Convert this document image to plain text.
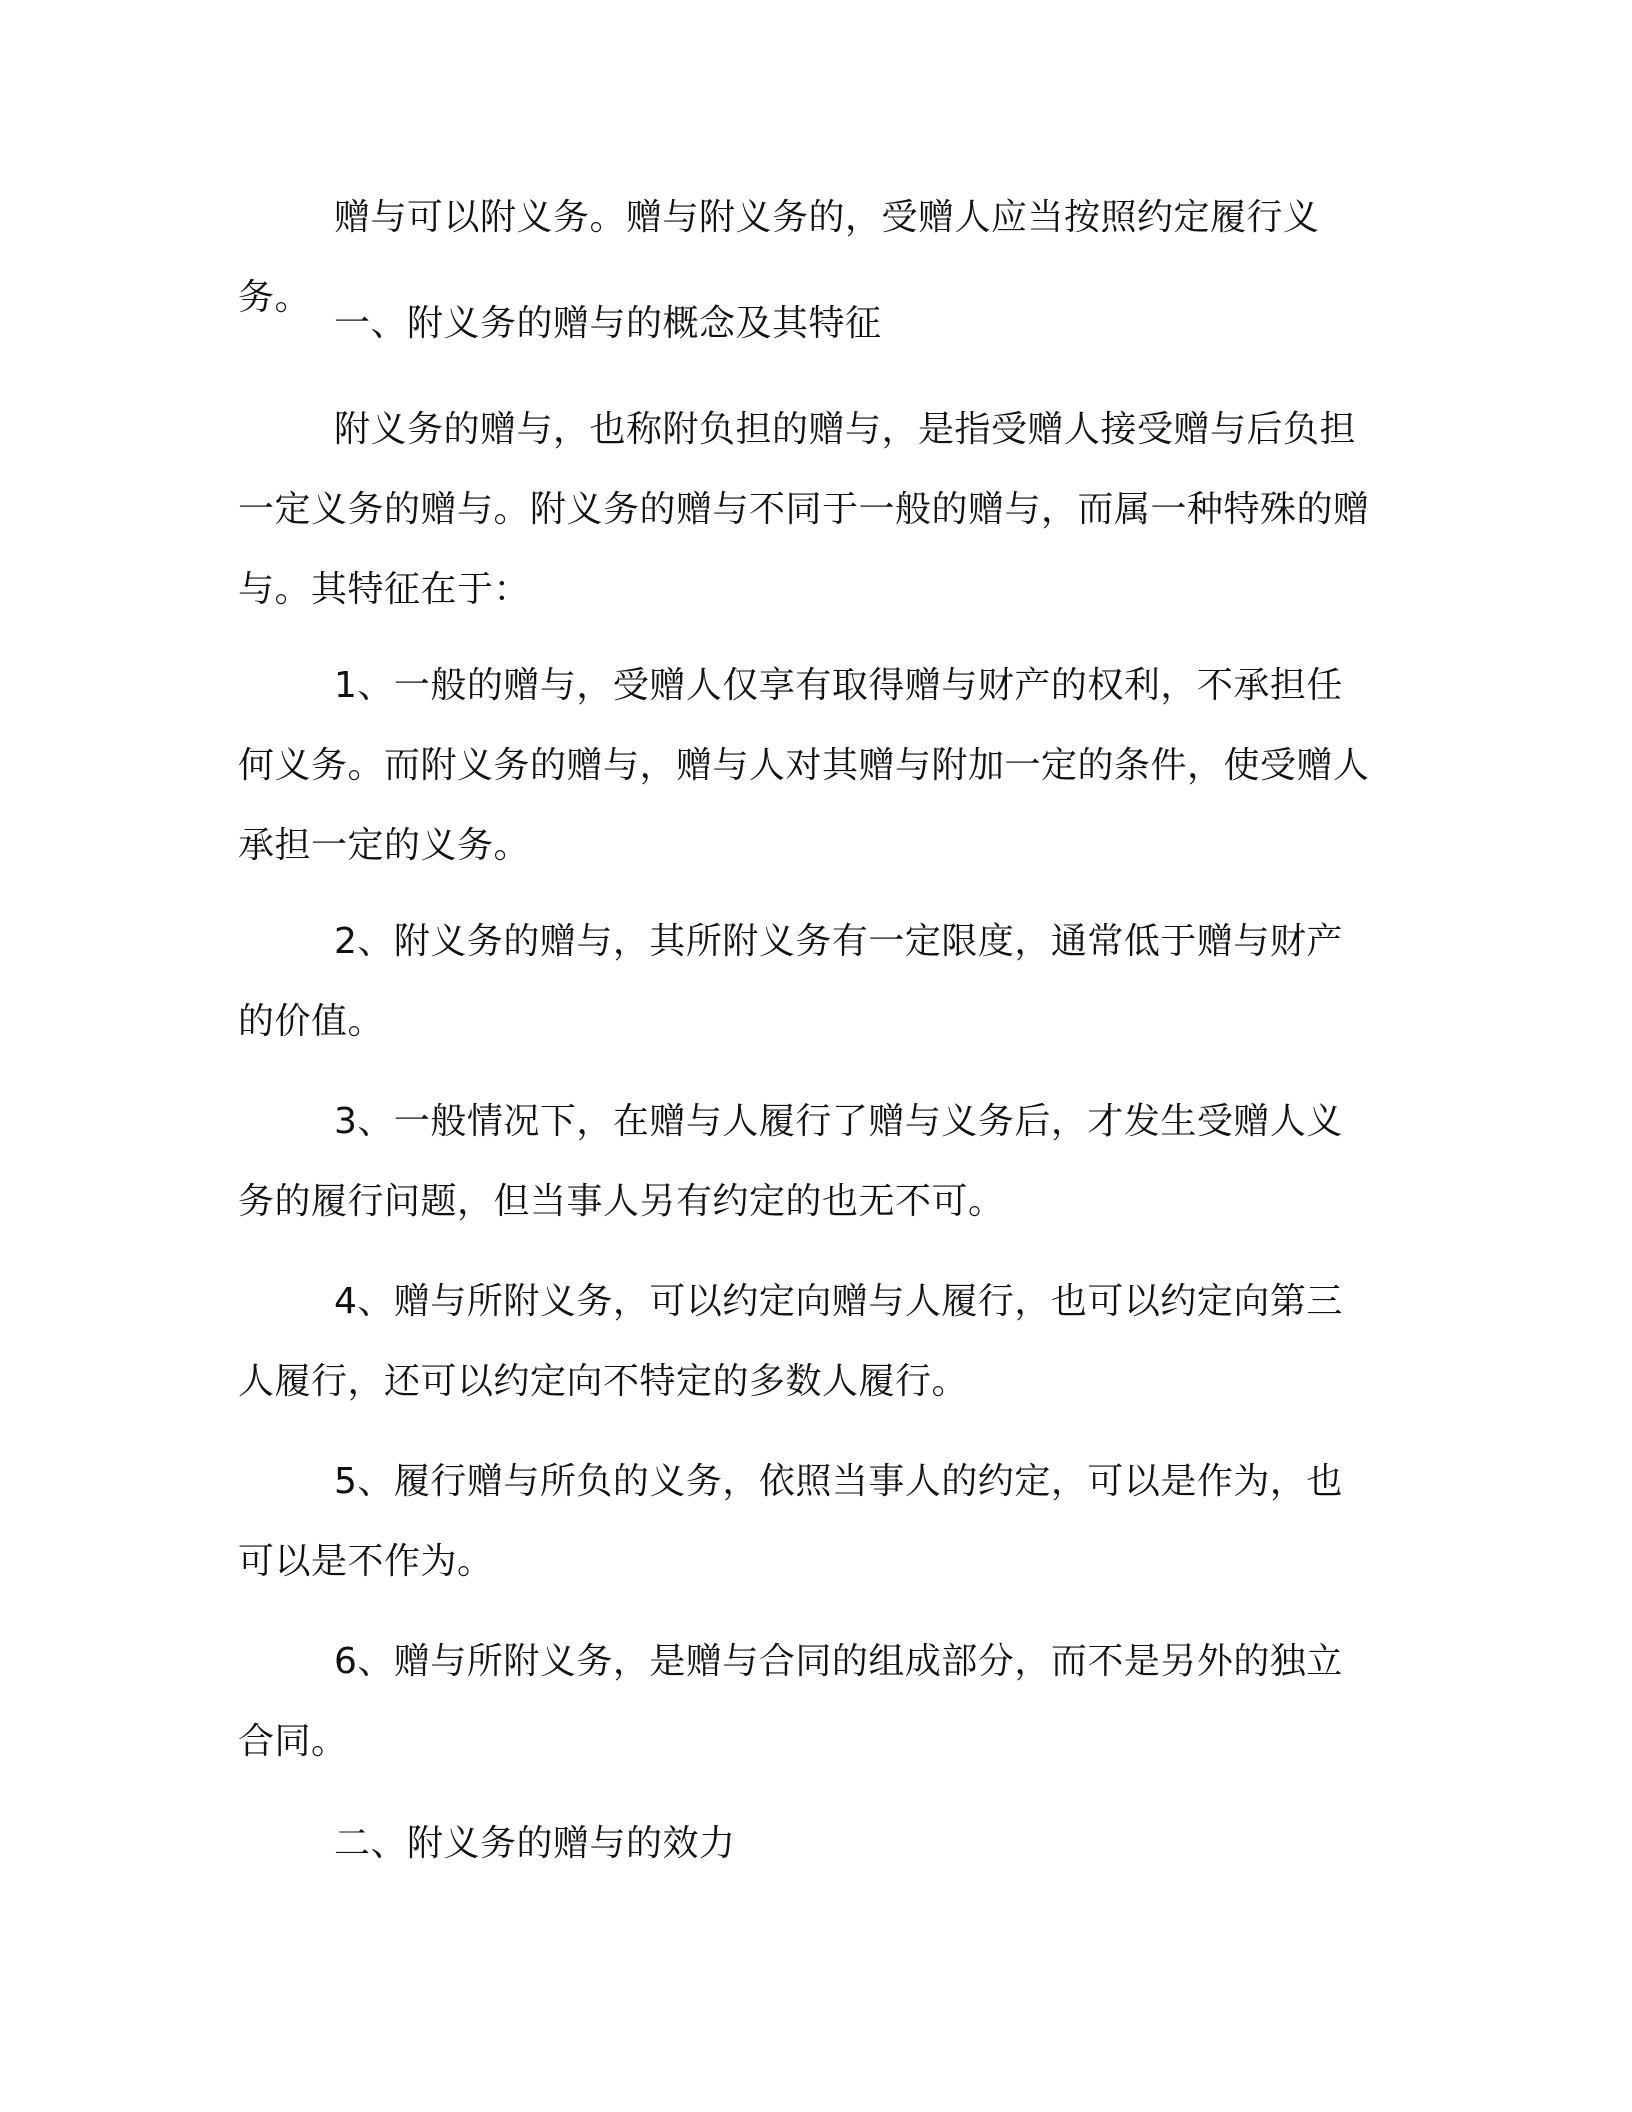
赠与可以附义务。赠与附义务的，受赠人应当按照约定履行义务。

一、附义务的赠与的概念及其特征

附义务的赠与，也称附负担的赠与，是指受赠人接受赠与后负担一定义务的赠与。附义务的赠与不同于一般的赠与，而属一种特殊的赠与。其特征在于：

1、一般的赠与，受赠人仅享有取得赠与财产的权利，不承担任何义务。而附义务的赠与，赠与人对其赠与附加一定的条件，使受赠人承担一定的义务。

2、附义务的赠与，其所附义务有一定限度，通常低于赠与财产的价值。

3、一般情况下，在赠与人履行了赠与义务后，才发生受赠人义务的履行问题，但当事人另有约定的也无不可。

4、赠与所附义务，可以约定向赠与人履行，也可以约定向第三人履行，还可以约定向不特定的多数人履行。

5、履行赠与所负的义务，依照当事人的约定，可以是作为，也可以是不作为。

6、赠与所附义务，是赠与合同的组成部分，而不是另外的独立合同。

二、附义务的赠与的效力
